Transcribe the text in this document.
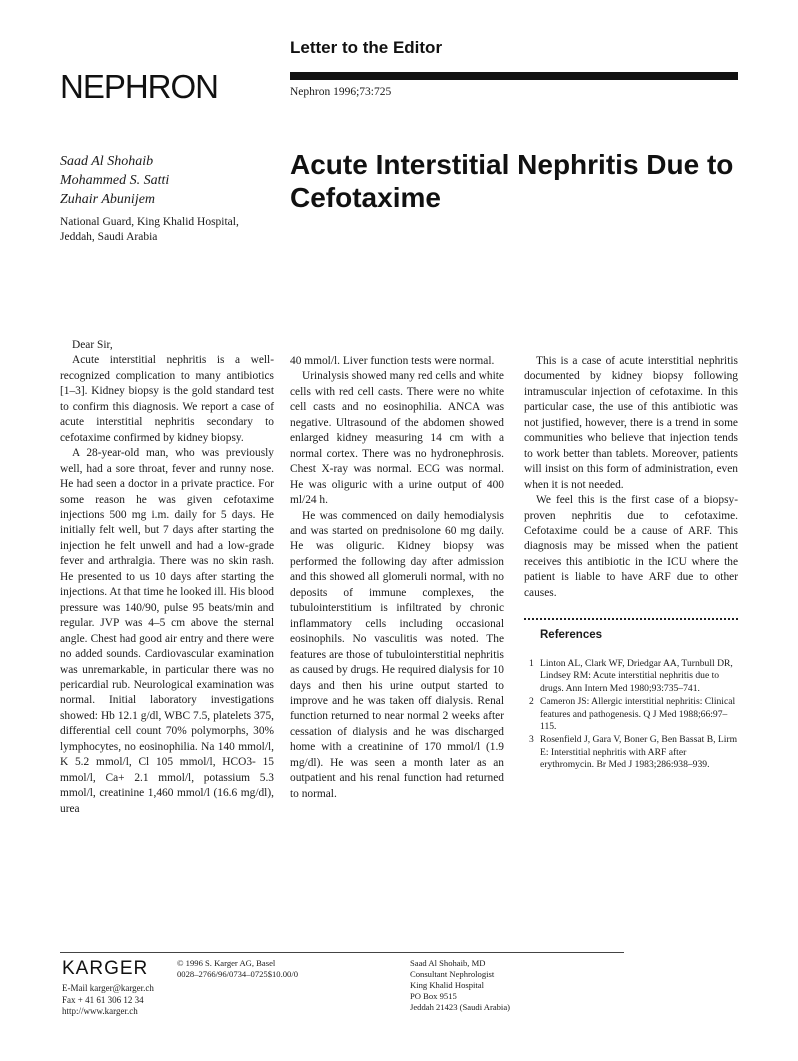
Letter to the Editor
NEPHRON	Nephron 1996;73:725
Saad Al Shohaib
Mohammed S. Satti
Zuhair Abunijem
National Guard, King Khalid Hospital,
Jeddah, Saudi Arabia
Acute Interstitial Nephritis Due to Cefotaxime

Dear Sir,

Acute interstitial nephritis is a well-recognized complication to many antibiotics [1–3]. Kidney biopsy is the gold standard test to confirm this diagnosis. We report a case of acute interstitial nephritis secondary to cefotaxime confirmed by kidney biopsy.

A 28-year-old man, who was previously well, had a sore throat, fever and runny nose. He had seen a doctor in a private practice. For some reason he was given cefotaxime injections 500 mg i.m. daily for 5 days. He initially felt well, but 7 days after starting the injection he felt unwell and had a low-grade fever and arthralgia. There was no skin rash. He presented to us 10 days after starting the injections. At that time he looked ill. His blood pressure was 140/90, pulse 95 beats/min and regular. JVP was 4–5 cm above the sternal angle. Chest had good air entry and there were no added sounds. Cardiovascular examination was unremarkable, in particular there was no pericardial rub. Neurological examination was normal. Initial laboratory investigations showed: Hb 12.1 g/dl, WBC 7.5, platelets 375, differential cell count 70% polymorphs, 30% lymphocytes, no eosinophilia. Na 140 mmol/l, K 5.2 mmol/l, Cl 105 mmol/l, HCO3- 15 mmol/l, Ca+ 2.1 mmol/l, potassium 5.3 mmol/l, creatinine 1,460 mmol/l (16.6 mg/dl), urea

40 mmol/l. Liver function tests were normal.

Urinalysis showed many red cells and white cells with red cell casts. There were no white cell casts and no eosinophilia. ANCA was negative. Ultrasound of the abdomen showed enlarged kidney measuring 14 cm with a normal cortex. There was no hydronephrosis. Chest X-ray was normal. ECG was normal. He was oliguric with a urine output of 400 ml/24 h.

He was commenced on daily hemodialysis and was started on prednisolone 60 mg daily. He was oliguric. Kidney biopsy was performed the following day after admission and this showed all glomeruli normal, with no deposits of immune complexes, the tubulointerstitium is infiltrated by chronic inflammatory cells including occasional eosinophils. No vasculitis was noted. The features are those of tubulointerstitial nephritis as caused by drugs. He required dialysis for 10 days and then his urine output started to improve and he was taken off dialysis. Renal function returned to near normal 2 weeks after cessation of dialysis and he was discharged home with a creatinine of 170 mmol/l (1.9 mg/dl). He was seen a month later as an outpatient and his renal function had returned to normal.

This is a case of acute interstitial nephritis documented by kidney biopsy following intramuscular injection of cefotaxime. In this particular case, the use of this antibiotic was not justified, however, there is a trend in some communities who believe that injection tends to work better than tablets. Moreover, patients will insist on this form of administration, even when it is not needed.

We feel this is the first case of a biopsy-proven nephritis due to cefotaxime. Cefotaxime could be a cause of ARF. This diagnosis may be missed when the patient receives this antibiotic in the ICU where the patient is liable to have ARF due to other causes.

References
1 Linton AL, Clark WF, Driedgar AA, Turnbull DR, Lindsey RM: Acute interstitial nephritis due to drugs. Ann Intern Med 1980;93:735–741.
2 Cameron JS: Allergic interstitial nephritis: Clinical features and pathogenesis. Q J Med 1988;66:97–115.
3 Rosenfield J, Gara V, Boner G, Ben Bassat B, Lirm E: Interstitial nephritis with ARF after erythromycin. Br Med J 1983;286:938–939.
KARGER
E-Mail karger@karger.ch
Fax + 41 61 306 12 34
http://www.karger.ch
© 1996 S. Karger AG, Basel
0028–2766/96/0734–0725$10.00/0
Saad Al Shohaib, MD
Consultant Nephrologist
King Khalid Hospital
PO Box 9515
Jeddah 21423 (Saudi Arabia)
